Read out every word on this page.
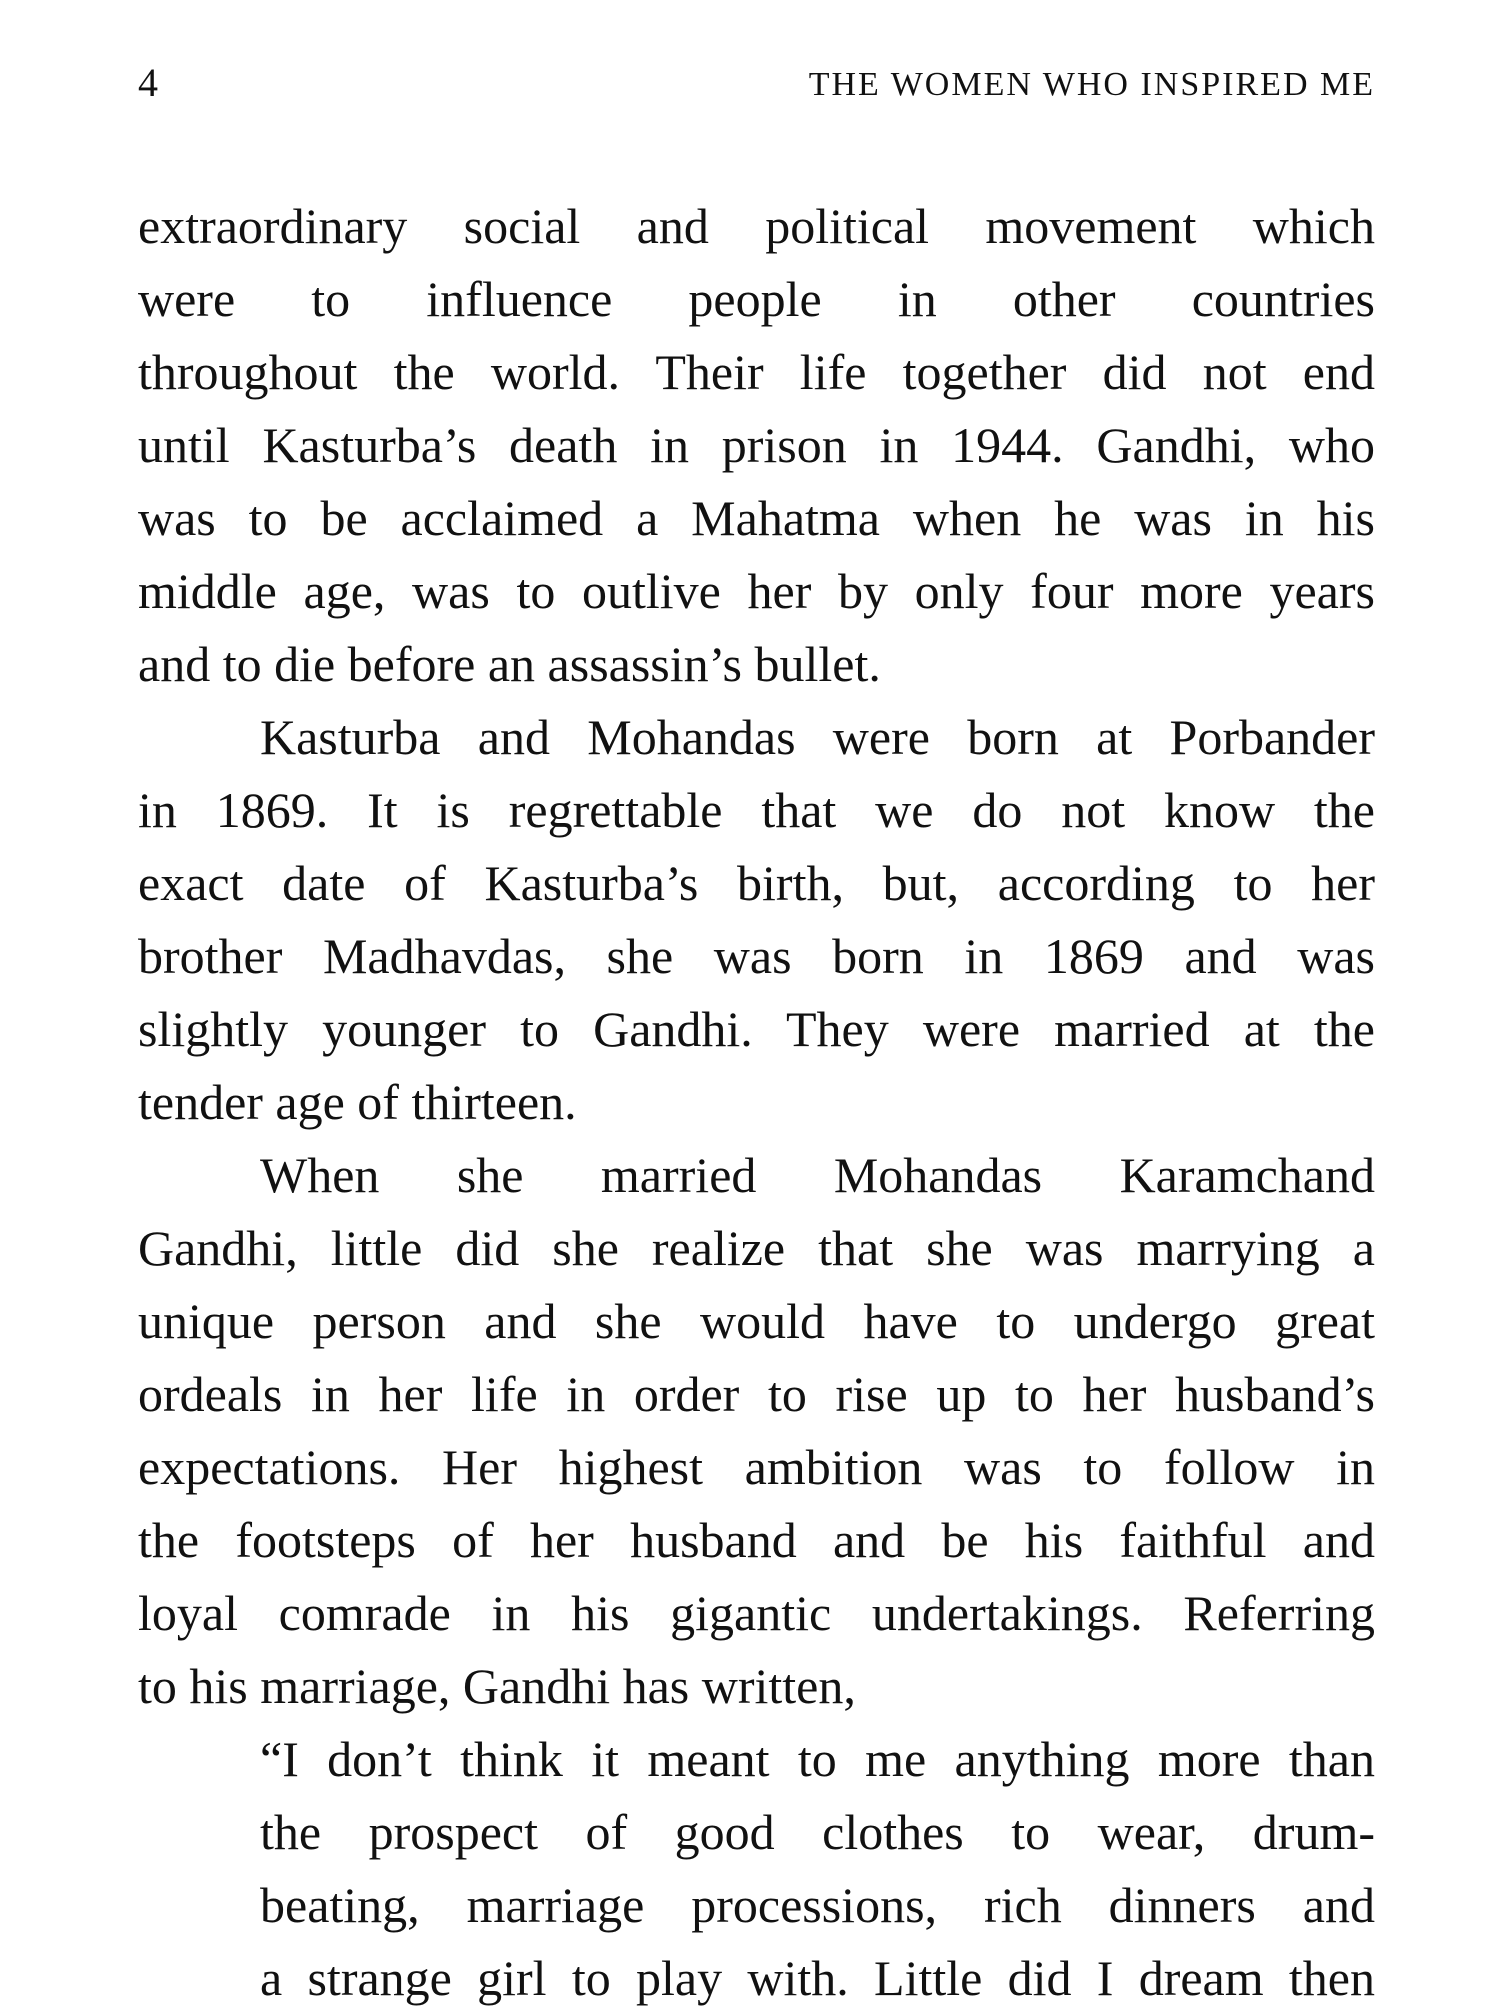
4	THE WOMEN WHO INSPIRED ME
extraordinary social and political movement which
were to influence people in other countries
throughout the world. Their life together did not end
until Kasturba’s death in prison in 1944. Gandhi, who
was to be acclaimed a Mahatma when he was in his
middle age, was to outlive her by only four more years
and to die before an assassin’s bullet.
Kasturba and Mohandas were born at Porbander
in 1869. It is regrettable that we do not know the
exact date of Kasturba’s birth, but, according to her
brother Madhavdas, she was born in 1869 and was
slightly younger to Gandhi. They were married at the
tender age of thirteen.
When she married Mohandas Karamchand
Gandhi, little did she realize that she was marrying a
unique person and she would have to undergo great
ordeals in her life in order to rise up to her husband’s
expectations. Her highest ambition was to follow in
the footsteps of her husband and be his faithful and
loyal comrade in his gigantic undertakings. Referring
to his marriage, Gandhi has written,
“I don’t think it meant to me anything more than
the prospect of good clothes to wear, drum-
beating, marriage processions, rich dinners and
a strange girl to play with. Little did I dream then
